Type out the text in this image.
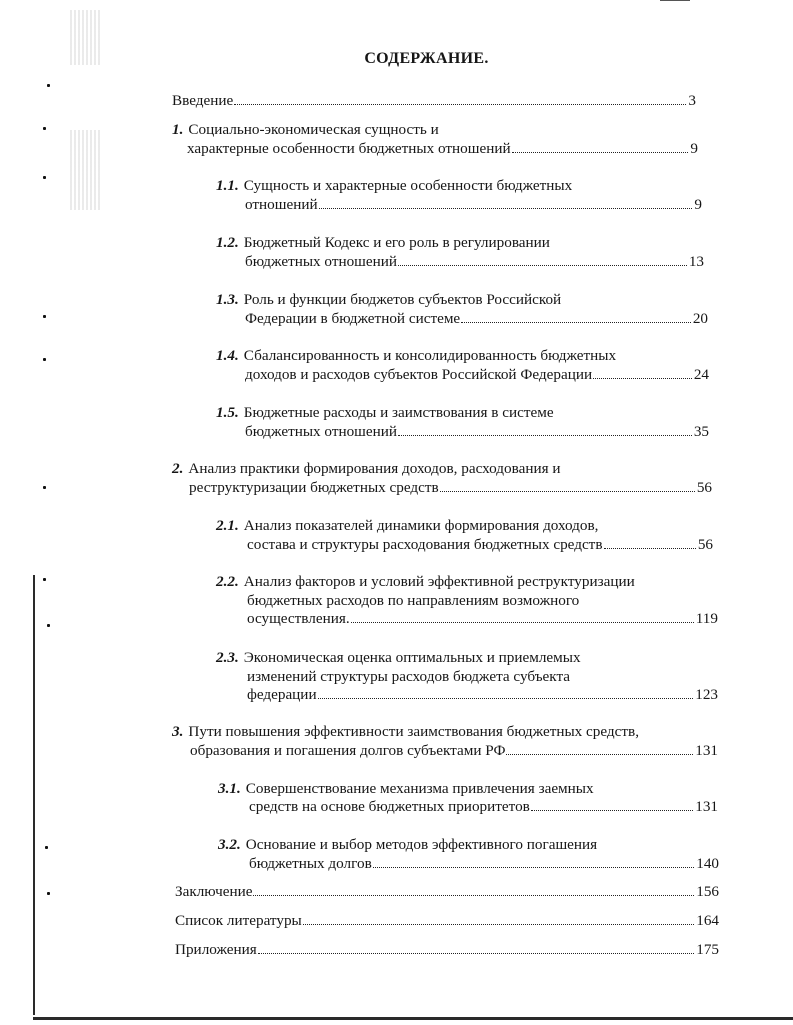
СОДЕРЖАНИЕ.
Введение	3
1. Социально-экономическая сущность и
характерные особенности бюджетных отношений	9
1.1. Сущность и характерные особенности бюджетных
отношений	9
1.2. Бюджетный Кодекс и его роль в регулировании
бюджетных отношений	13
1.3. Роль и функции бюджетов субъектов Российской
Федерации в бюджетной системе	20
1.4. Сбалансированность и консолидированность бюджетных
доходов и расходов субъектов Российской Федерации	24
1.5. Бюджетные расходы и заимствования в системе
бюджетных отношений	35
2. Анализ практики формирования доходов, расходования и
реструктуризации бюджетных средств	56
2.1. Анализ показателей динамики формирования доходов,
состава и структуры расходования бюджетных средств	56
2.2. Анализ факторов и условий эффективной реструктуризации
бюджетных расходов по направлениям возможного
осуществления.	119
2.3. Экономическая оценка оптимальных и приемлемых
изменений структуры расходов бюджета субъекта
федерации	123
3. Пути повышения эффективности заимствования бюджетных средств,
образования и погашения долгов субъектами РФ	131
3.1. Совершенствование механизма привлечения заемных
средств на основе бюджетных приоритетов	131
3.2. Основание и выбор методов эффективного погашения
бюджетных долгов	140
Заключение	156
Список литературы	164
Приложения	175
